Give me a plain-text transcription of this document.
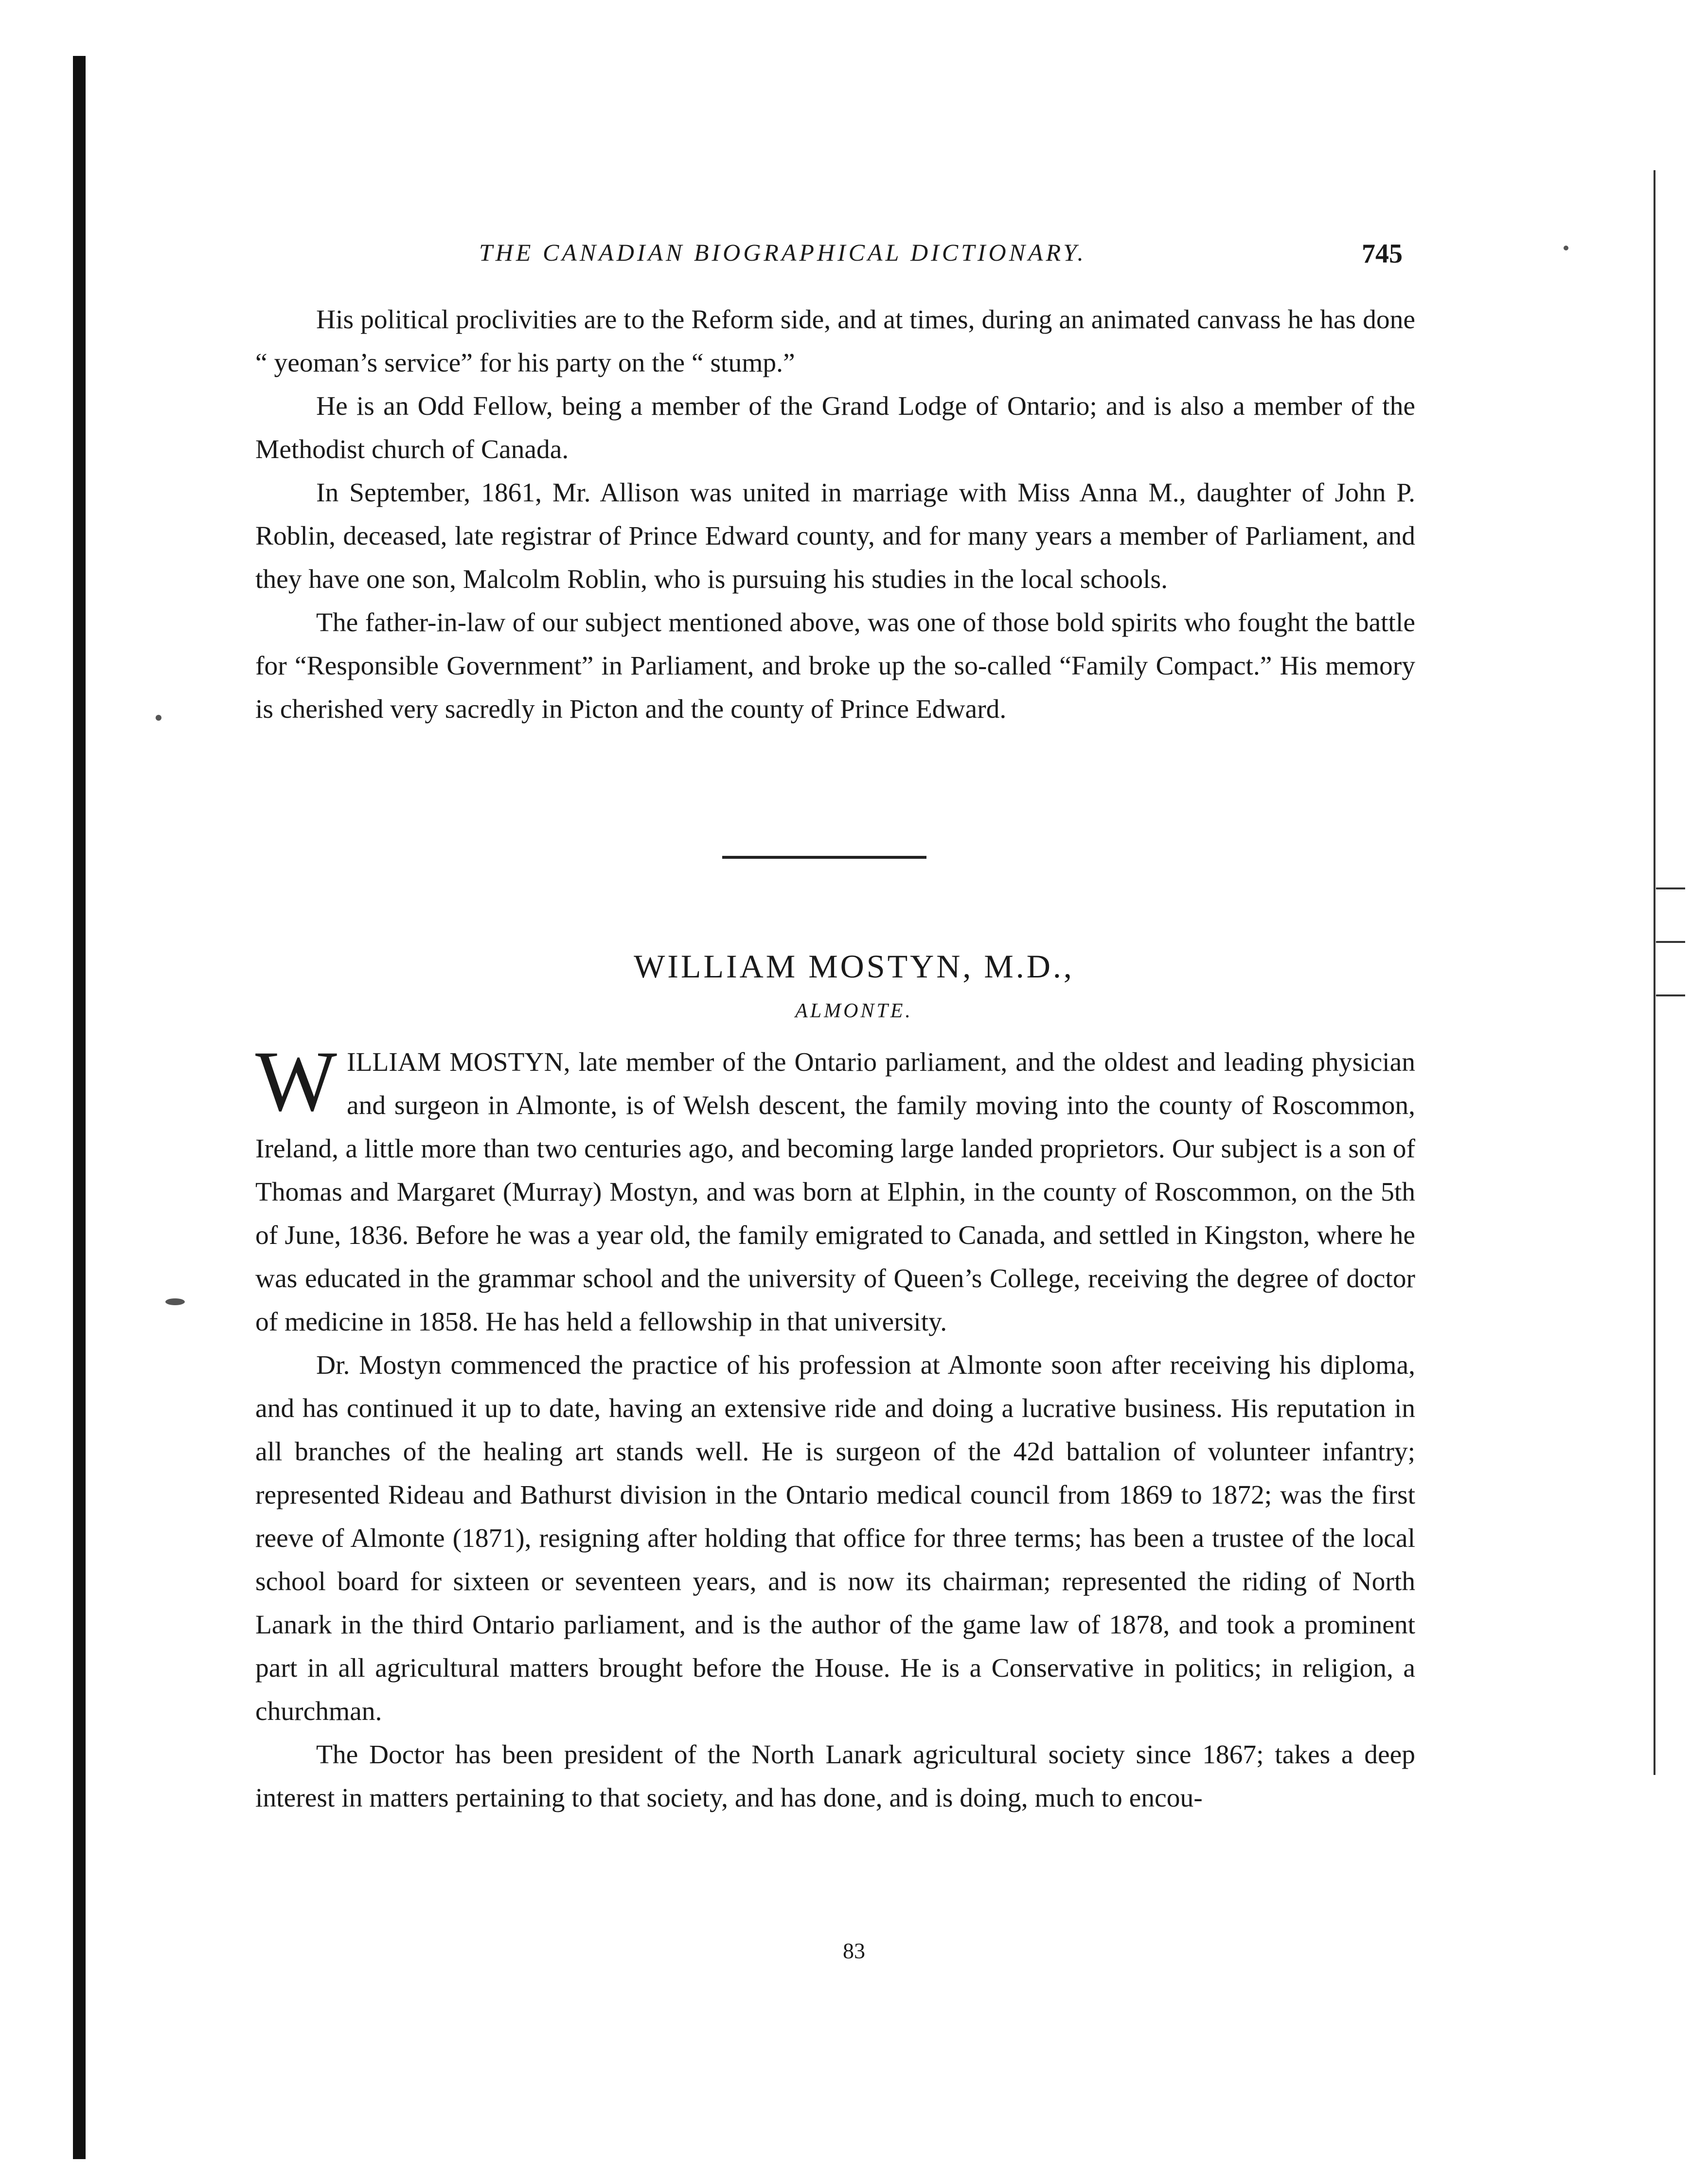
THE CANADIAN BIOGRAPHICAL DICTIONARY.	745

His political proclivities are to the Reform side, and at times, during an animated canvass he has done “ yeoman’s service” for his party on the “ stump.”

He is an Odd Fellow, being a member of the Grand Lodge of Ontario; and is also a member of the Methodist church of Canada.

In September, 1861, Mr. Allison was united in marriage with Miss Anna M., daughter of John P. Roblin, deceased, late registrar of Prince Edward county, and for many years a member of Parliament, and they have one son, Malcolm Roblin, who is pursuing his studies in the local schools.

The father-in-law of our subject mentioned above, was one of those bold spirits who fought the battle for “Responsible Government” in Parliament, and broke up the so-called “Family Compact.” His memory is cherished very sacredly in Picton and the county of Prince Edward.

WILLIAM MOSTYN, M.D.,
ALMONTE.

WILLIAM MOSTYN, late member of the Ontario parliament, and the oldest and leading physician and surgeon in Almonte, is of Welsh descent, the family moving into the county of Roscommon, Ireland, a little more than two centuries ago, and becoming large landed proprietors. Our subject is a son of Thomas and Margaret (Murray) Mostyn, and was born at Elphin, in the county of Roscommon, on the 5th of June, 1836. Before he was a year old, the family emigrated to Canada, and settled in Kingston, where he was educated in the grammar school and the university of Queen’s College, receiving the degree of doctor of medicine in 1858. He has held a fellowship in that university.

Dr. Mostyn commenced the practice of his profession at Almonte soon after receiving his diploma, and has continued it up to date, having an extensive ride and doing a lucrative business. His reputation in all branches of the healing art stands well. He is surgeon of the 42d battalion of volunteer infantry; represented Rideau and Bathurst division in the Ontario medical council from 1869 to 1872; was the first reeve of Almonte (1871), resigning after holding that office for three terms; has been a trustee of the local school board for sixteen or seventeen years, and is now its chairman; represented the riding of North Lanark in the third Ontario parliament, and is the author of the game law of 1878, and took a prominent part in all agricultural matters brought before the House. He is a Conservative in politics; in religion, a churchman.

The Doctor has been president of the North Lanark agricultural society since 1867; takes a deep interest in matters pertaining to that society, and has done, and is doing, much to encou-

83
